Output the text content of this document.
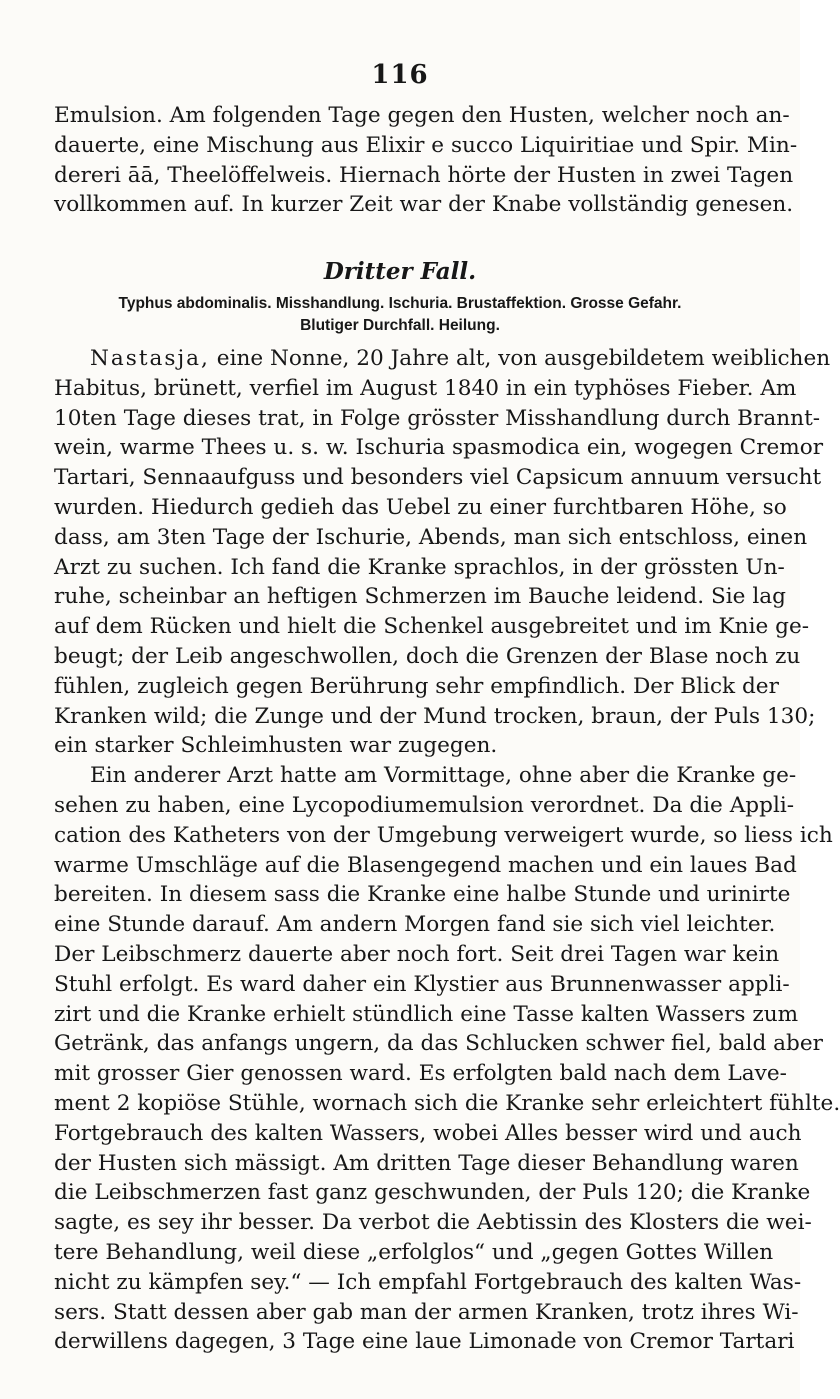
116

Emulsion. Am folgenden Tage gegen den Husten, welcher noch an-
dauerte, eine Mischung aus Elixir e succo Liquiritiae und Spir. Min-
dereri āā, Theelöffelweis. Hiernach hörte der Husten in zwei Tagen
vollkommen auf. In kurzer Zeit war der Knabe vollständig genesen.

Dritter Fall.
Typhus abdominalis. Misshandlung. Ischuria. Brustaffektion. Grosse Gefahr.
Blutiger Durchfall. Heilung.

Nastasja, eine Nonne, 20 Jahre alt, von ausgebildetem weiblichen
Habitus, brünett, verfiel im August 1840 in ein typhöses Fieber. Am
10ten Tage dieses trat, in Folge grösster Misshandlung durch Brannt-
wein, warme Thees u. s. w. Ischuria spasmodica ein, wogegen Cremor
Tartari, Sennaaufguss und besonders viel Capsicum annuum versucht
wurden. Hiedurch gedieh das Uebel zu einer furchtbaren Höhe, so
dass, am 3ten Tage der Ischurie, Abends, man sich entschloss, einen
Arzt zu suchen. Ich fand die Kranke sprachlos, in der grössten Un-
ruhe, scheinbar an heftigen Schmerzen im Bauche leidend. Sie lag
auf dem Rücken und hielt die Schenkel ausgebreitet und im Knie ge-
beugt; der Leib angeschwollen, doch die Grenzen der Blase noch zu
fühlen, zugleich gegen Berührung sehr empfindlich. Der Blick der
Kranken wild; die Zunge und der Mund trocken, braun, der Puls 130;
ein starker Schleimhusten war zugegen.

Ein anderer Arzt hatte am Vormittage, ohne aber die Kranke ge-
sehen zu haben, eine Lycopodiumemulsion verordnet. Da die Appli-
cation des Katheters von der Umgebung verweigert wurde, so liess ich
warme Umschläge auf die Blasengegend machen und ein laues Bad
bereiten. In diesem sass die Kranke eine halbe Stunde und urinirte
eine Stunde darauf. Am andern Morgen fand sie sich viel leichter.
Der Leibschmerz dauerte aber noch fort. Seit drei Tagen war kein
Stuhl erfolgt. Es ward daher ein Klystier aus Brunnenwasser appli-
zirt und die Kranke erhielt stündlich eine Tasse kalten Wassers zum
Getränk, das anfangs ungern, da das Schlucken schwer fiel, bald aber
mit grosser Gier genossen ward. Es erfolgten bald nach dem Lave-
ment 2 kopiöse Stühle, wornach sich die Kranke sehr erleichtert fühlte.
Fortgebrauch des kalten Wassers, wobei Alles besser wird und auch
der Husten sich mässigt. Am dritten Tage dieser Behandlung waren
die Leibschmerzen fast ganz geschwunden, der Puls 120; die Kranke
sagte, es sey ihr besser. Da verbot die Aebtissin des Klosters die wei-
tere Behandlung, weil diese „erfolglos“ und „gegen Gottes Willen
nicht zu kämpfen sey.“ — Ich empfahl Fortgebrauch des kalten Was-
sers. Statt dessen aber gab man der armen Kranken, trotz ihres Wi-
derwillens dagegen, 3 Tage eine laue Limonade von Cremor Tartari
